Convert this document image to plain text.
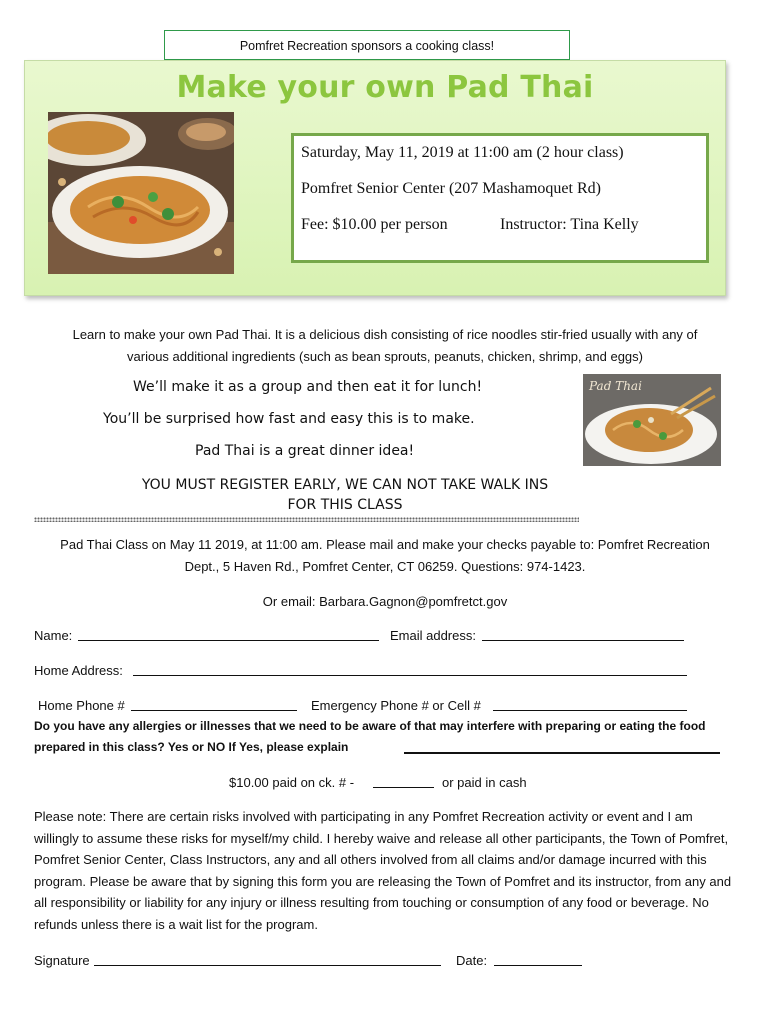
Pomfret Recreation sponsors a cooking class!
Make your own Pad Thai
Saturday, May 11, 2019 at 11:00 am (2 hour class)
Pomfret Senior Center (207 Mashamoquet Rd)
Fee: $10.00 per person	Instructor: Tina Kelly
Learn to make your own Pad Thai. It is a delicious dish consisting of rice noodles stir-fried usually with any of
various additional ingredients (such as bean sprouts, peanuts, chicken, shrimp, and eggs)
We’ll make it as a group and then eat it for lunch!
You’ll be surprised how fast and easy this is to make.
Pad Thai is a great dinner idea!
Pad Thai
YOU MUST REGISTER EARLY, WE CAN NOT TAKE WALK INS
FOR THIS CLASS
Pad Thai Class on May 11 2019, at 11:00 am. Please mail and make your checks payable to: Pomfret Recreation
Dept., 5 Haven Rd., Pomfret Center, CT 06259. Questions: 974-1423.
Or email: Barbara.Gagnon@pomfretct.gov
Name:	Email address:
Home Address:
Home Phone #	Emergency Phone # or Cell #
Do you have any allergies or illnesses that we need to be aware of that may interfere with preparing or eating the food
prepared in this class? Yes or NO If Yes, please explain
$10.00 paid on ck. # -	or paid in cash
Please note: There are certain risks involved with participating in any Pomfret Recreation activity or event and I am willingly to assume these risks for myself/my child. I hereby waive and release all other participants, the Town of Pomfret, Pomfret Senior Center, Class Instructors, any and all others involved from all claims and/or damage incurred with this program. Please be aware that by signing this form you are releasing the Town of Pomfret and its instructor, from any and all responsibility or liability for any injury or illness resulting from touching or consumption of any food or beverage. No refunds unless there is a wait list for the program.
Signature	Date:
